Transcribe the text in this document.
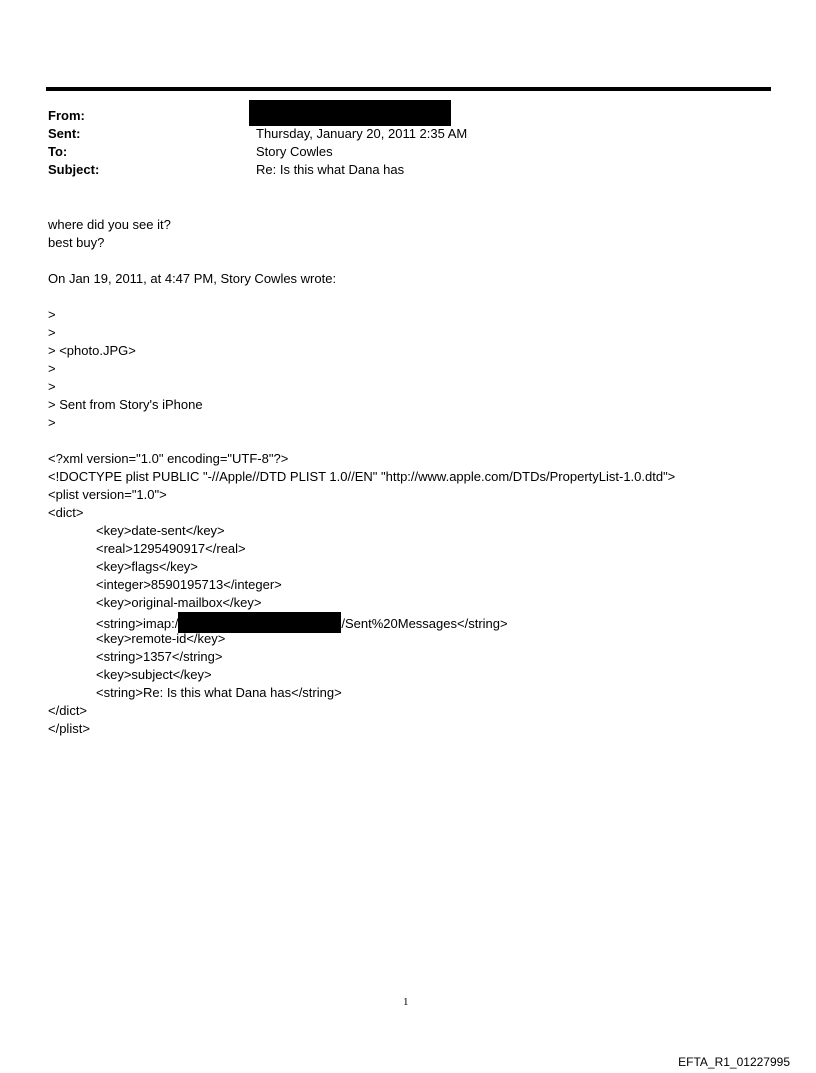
From:
Sent:	Thursday, January 20, 2011 2:35 AM
To:	Story Cowles
Subject:	Re: Is this what Dana has
where did you see it?
best buy?
On Jan 19, 2011, at 4:47 PM, Story Cowles wrote:
>
>
> <photo.JPG>
>
>
> Sent from Story's iPhone
>
<?xml version="1.0" encoding="UTF-8"?>
<!DOCTYPE plist PUBLIC "-//Apple//DTD PLIST 1.0//EN" "http://www.apple.com/DTDs/PropertyList-1.0.dtd">
<plist version="1.0">
<dict>
<key>date-sent</key>
<real>1295490917</real>
<key>flags</key>
<integer>8590195713</integer>
<key>original-mailbox</key>
<string>imap:/	/Sent%20Messages</string>
<key>remote-id</key>
<string>1357</string>
<key>subject</key>
<string>Re: Is this what Dana has</string>
</dict>
</plist>
1
EFTA_R1_01227995
